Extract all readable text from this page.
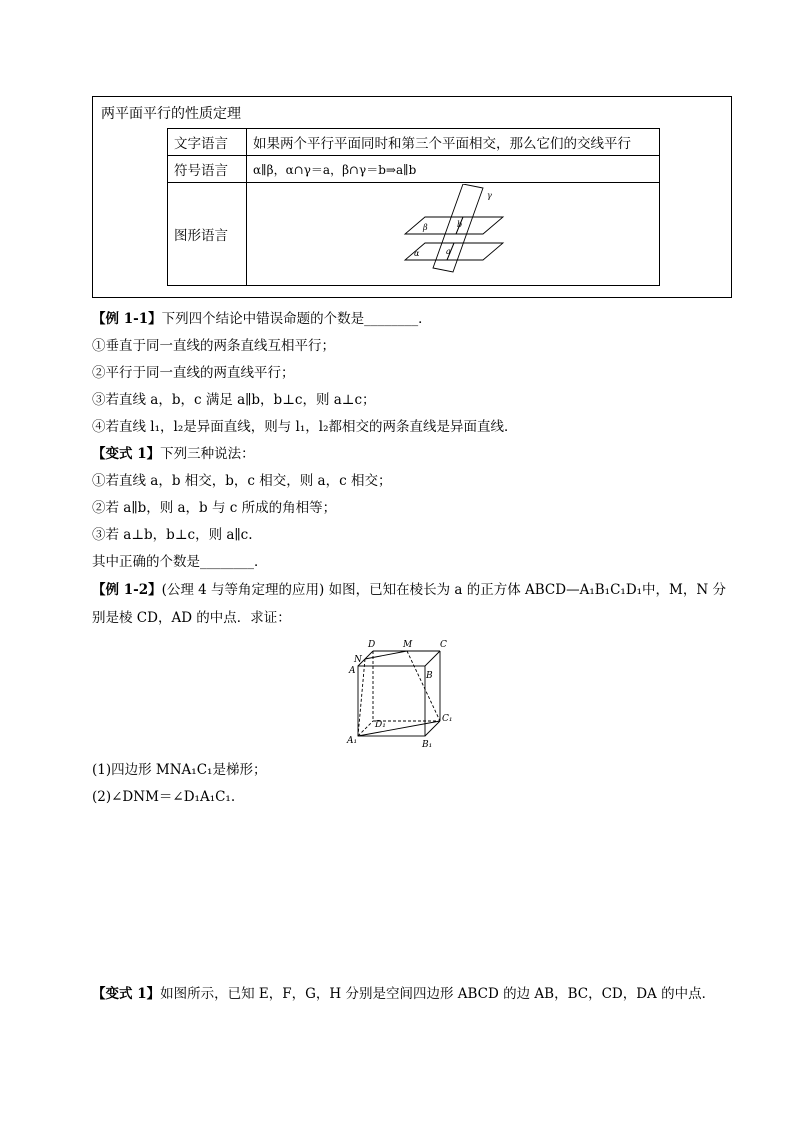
两平面平行的性质定理
文字语言	如果两个平行平面同时和第三个平面相交，那么它们的交线平行
符号语言	α∥β，α∩γ＝a，β∩γ＝b⇒a∥b
图形语言	γ
β b
a
α
【例 1-1】下列四个结论中错误命题的个数是________．
①垂直于同一直线的两条直线互相平行；
②平行于同一直线的两直线平行；
③若直线 a，b，c 满足 a∥b，b⊥c，则 a⊥c；
④若直线 l₁，l₂是异面直线，则与 l₁，l₂都相交的两条直线是异面直线．
【变式 1】下列三种说法：
①若直线 a，b 相交，b，c 相交，则 a，c 相交；
②若 a∥b，则 a，b 与 c 所成的角相等；
③若 a⊥b，b⊥c，则 a∥c.
其中正确的个数是________．
【例 1-2】(公理 4 与等角定理的应用) 如图，已知在棱长为 a 的正方体 ABCD—A₁B₁C₁D₁中，M，N 分
别是棱 CD，AD 的中点．求证：
D	M	C
N
A	B
D₁
C₁
A₁	B₁
(1)四边形 MNA₁C₁是梯形；
(2)∠DNM＝∠D₁A₁C₁.
【变式 1】如图所示，已知 E，F，G，H 分别是空间四边形 ABCD 的边 AB，BC，CD，DA 的中点．
